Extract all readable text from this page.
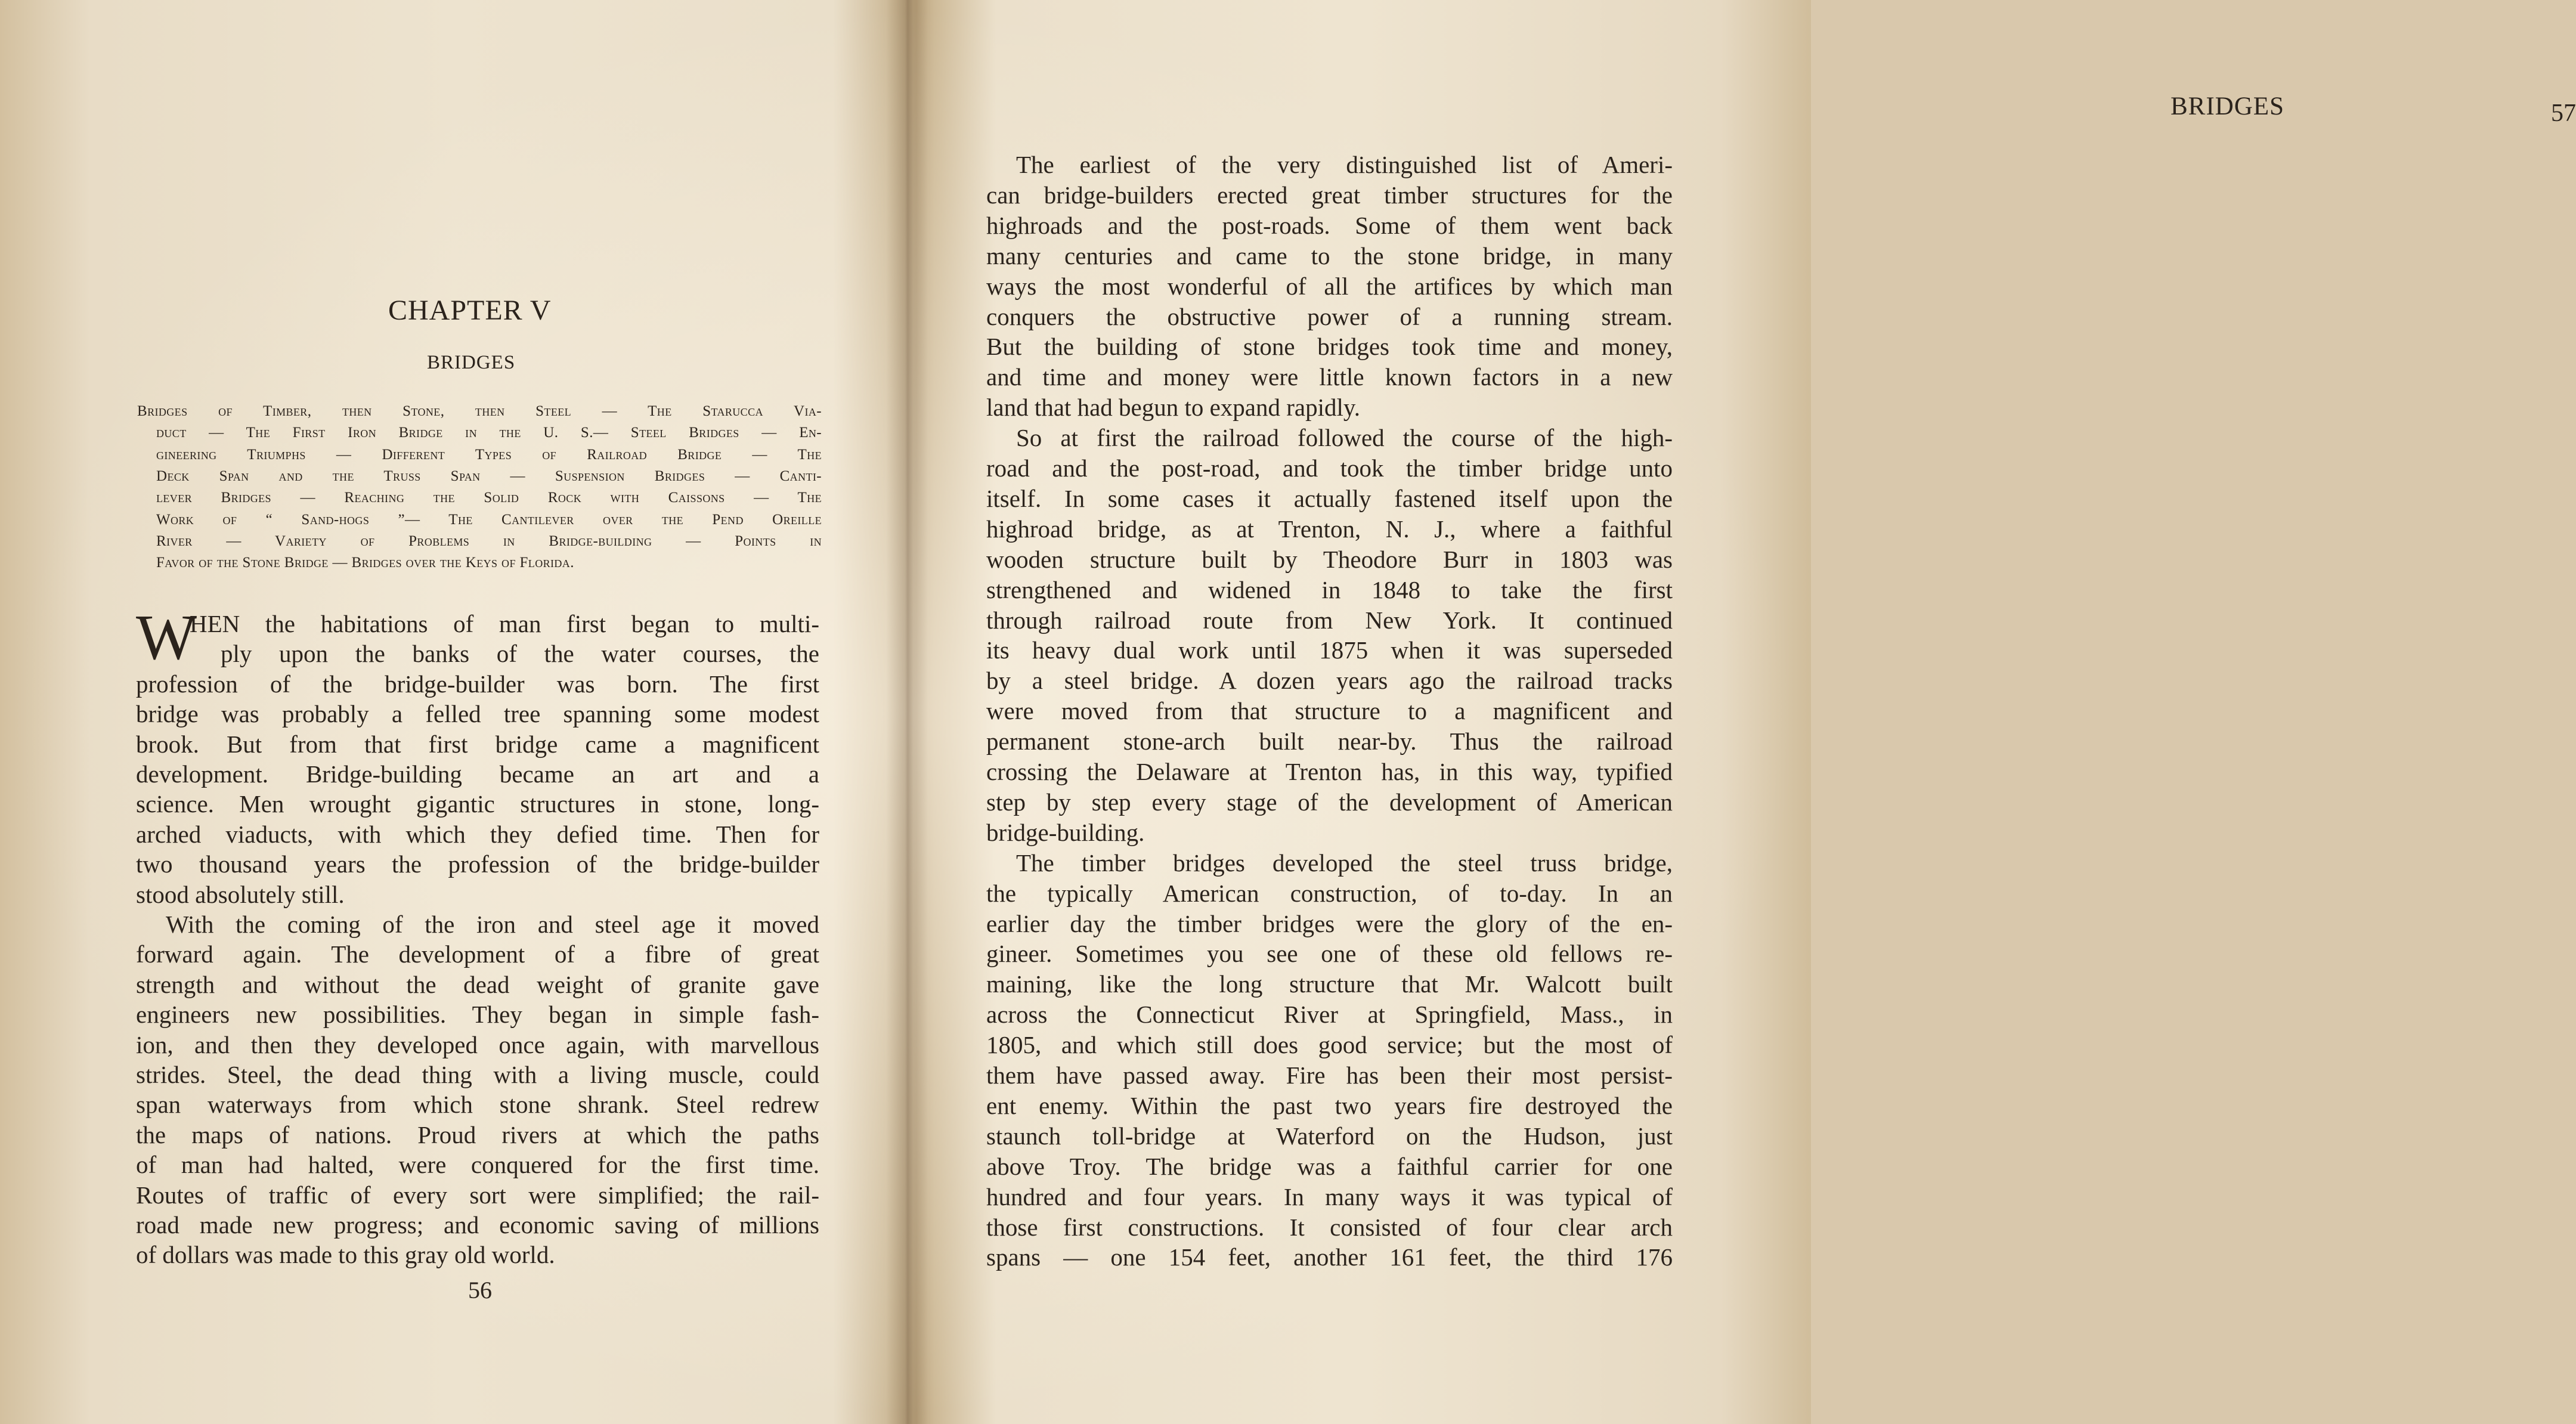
CHAPTER V
BRIDGES
Bridges of Timber, then Stone, then Steel — The Starucca Via-
duct — The First Iron Bridge in the U. S.— Steel Bridges — En-
gineering Triumphs — Different Types of Railroad Bridge — The
Deck Span and the Truss Span — Suspension Bridges — Canti-
lever Bridges — Reaching the Solid Rock with Caissons — The
Work of “ Sand-hogs ”— The Cantilever over the Pend Oreille
River — Variety of Problems in Bridge-building — Points in
Favor of the Stone Bridge — Bridges over the Keys of Florida.
W
HEN the habitations of man first began to multi-
ply upon the banks of the water courses, the
profession of the bridge-builder was born. The first
bridge was probably a felled tree spanning some modest
brook. But from that first bridge came a magnificent
development. Bridge-building became an art and a
science. Men wrought gigantic structures in stone, long-
arched viaducts, with which they defied time. Then for
two thousand years the profession of the bridge-builder
stood absolutely still.
With the coming of the iron and steel age it moved
forward again. The development of a fibre of great
strength and without the dead weight of granite gave
engineers new possibilities. They began in simple fash-
ion, and then they developed once again, with marvellous
strides. Steel, the dead thing with a living muscle, could
span waterways from which stone shrank. Steel redrew
the maps of nations. Proud rivers at which the paths
of man had halted, were conquered for the first time.
Routes of traffic of every sort were simplified; the rail-
road made new progress; and economic saving of millions
of dollars was made to this gray old world.
56
BRIDGES	57
The earliest of the very distinguished list of Ameri-
can bridge-builders erected great timber structures for the
highroads and the post-roads. Some of them went back
many centuries and came to the stone bridge, in many
ways the most wonderful of all the artifices by which man
conquers the obstructive power of a running stream.
But the building of stone bridges took time and money,
and time and money were little known factors in a new
land that had begun to expand rapidly.
So at first the railroad followed the course of the high-
road and the post-road, and took the timber bridge unto
itself. In some cases it actually fastened itself upon the
highroad bridge, as at Trenton, N. J., where a faithful
wooden structure built by Theodore Burr in 1803 was
strengthened and widened in 1848 to take the first
through railroad route from New York. It continued
its heavy dual work until 1875 when it was superseded
by a steel bridge. A dozen years ago the railroad tracks
were moved from that structure to a magnificent and
permanent stone-arch built near-by. Thus the railroad
crossing the Delaware at Trenton has, in this way, typified
step by step every stage of the development of American
bridge-building.
The timber bridges developed the steel truss bridge,
the typically American construction, of to-day. In an
earlier day the timber bridges were the glory of the en-
gineer. Sometimes you see one of these old fellows re-
maining, like the long structure that Mr. Walcott built
across the Connecticut River at Springfield, Mass., in
1805, and which still does good service; but the most of
them have passed away. Fire has been their most persist-
ent enemy. Within the past two years fire destroyed the
staunch toll-bridge at Waterford on the Hudson, just
above Troy. The bridge was a faithful carrier for one
hundred and four years. In many ways it was typical of
those first constructions. It consisted of four clear arch
spans — one 154 feet, another 161 feet, the third 176
